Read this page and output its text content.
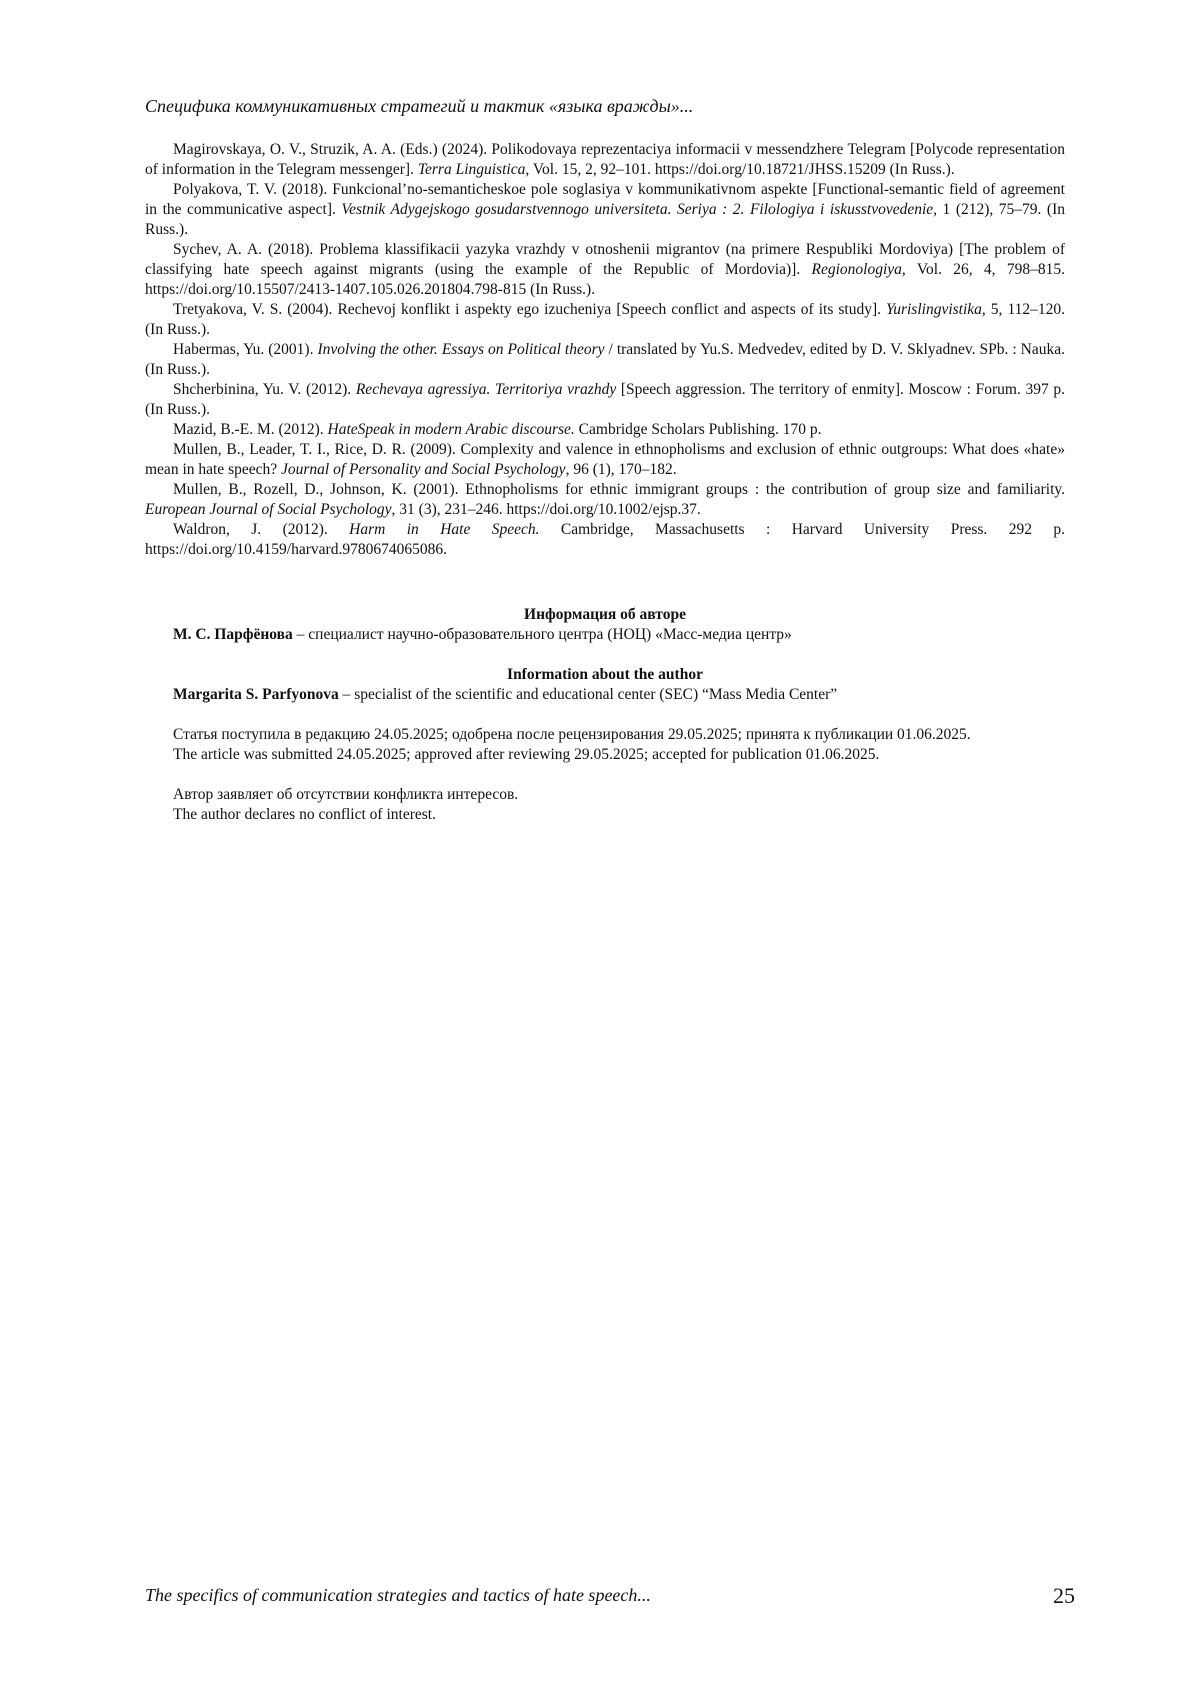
Специфика коммуникативных стратегий и тактик «языка вражды»...

Magirovskaya, O. V., Struzik, A. A. (Eds.) (2024). Polikodovaya reprezentaciya informacii v messendzhere Telegram [Polycode representation of information in the Telegram messenger]. Terra Linguistica, Vol. 15, 2, 92–101. https://doi.org/10.18721/JHSS.15209 (In Russ.).

Polyakova, T. V. (2018). Funkcional’no-semanticheskoe pole soglasiya v kommunikativnom aspekte [Functional-semantic field of agreement in the communicative aspect]. Vestnik Adygejskogo gosudarstvennogo universiteta. Seriya : 2. Filologiya i iskusstvovedenie, 1 (212), 75–79. (In Russ.).

Sychev, A. A. (2018). Problema klassifikacii yazyka vrazhdy v otnoshenii migrantov (na primere Respubliki Mordoviya) [The problem of classifying hate speech against migrants (using the example of the Republic of Mordovia)]. Regionologiya, Vol. 26, 4, 798–815. https://doi.org/10.15507/2413-1407.105.026.201804.798-815 (In Russ.).

Tretyakova, V. S. (2004). Rechevoj konflikt i aspekty ego izucheniya [Speech conflict and aspects of its study]. Yurislingvistika, 5, 112–120. (In Russ.).

Habermas, Yu. (2001). Involving the other. Essays on Political theory / translated by Yu.S. Medvedev, edited by D. V. Sklyadnev. SPb. : Nauka. (In Russ.).

Shcherbinina, Yu. V. (2012). Rechevaya agressiya. Territoriya vrazhdy [Speech aggression. The territory of enmity]. Moscow : Forum. 397 p. (In Russ.).

Mazid, B.-E. M. (2012). HateSpeak in modern Arabic discourse. Cambridge Scholars Publishing. 170 p.

Mullen, B., Leader, T. I., Rice, D. R. (2009). Complexity and valence in ethnopholisms and exclusion of ethnic outgroups: What does «hate» mean in hate speech? Journal of Personality and Social Psychology, 96 (1), 170–182.

Mullen, B., Rozell, D., Johnson, K. (2001). Ethnopholisms for ethnic immigrant groups : the contribution of group size and familiarity. European Journal of Social Psychology, 31 (3), 231–246. https://doi.org/10.1002/ejsp.37.

Waldron, J. (2012). Harm in Hate Speech. Cambridge, Massachusetts : Harvard University Press. 292 p. https://doi.org/10.4159/harvard.9780674065086.

Информация об авторе

М. С. Парфёнова – специалист научно-образовательного центра (НОЦ) «Масс-медиа центр»

Information about the author

Margarita S. Parfyonova – specialist of the scientific and educational center (SEC) “Mass Media Center”

Статья поступила в редакцию 24.05.2025; одобрена после рецензирования 29.05.2025; принята к публикации 01.06.2025.

The article was submitted 24.05.2025; approved after reviewing 29.05.2025; accepted for publication 01.06.2025.

Автор заявляет об отсутствии конфликта интересов.

The author declares no conflict of interest.

The specifics of communication strategies and tactics of hate speech...	25
